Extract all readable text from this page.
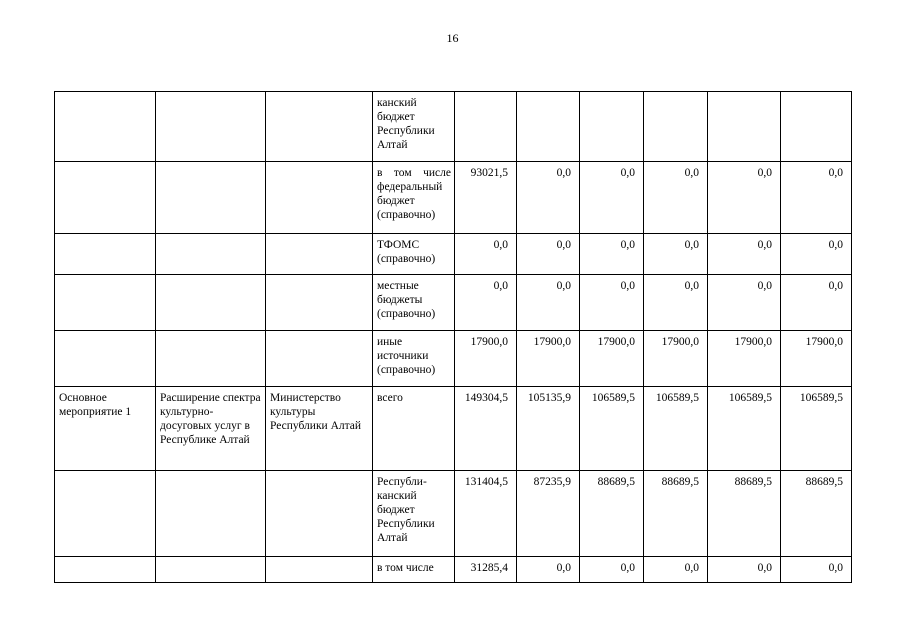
16
			канский бюджет Республики Алтай						
			в том числе федеральный бюджет (справочно)	93021,5	0,0	0,0	0,0	0,0	0,0
			ТФОМС (справочно)	0,0	0,0	0,0	0,0	0,0	0,0
			местные бюджеты (справочно)	0,0	0,0	0,0	0,0	0,0	0,0
			иные источники (справочно)	17900,0	17900,0	17900,0	17900,0	17900,0	17900,0
Основное мероприятие 1	Расширение спектра культурно-досуговых услуг в Республике Алтай	Министерство культуры Республики Алтай	всего	149304,5	105135,9	106589,5	106589,5	106589,5	106589,5
			Республи-канский бюджет Республики Алтай	131404,5	87235,9	88689,5	88689,5	88689,5	88689,5
			в том числе	31285,4	0,0	0,0	0,0	0,0	0,0
